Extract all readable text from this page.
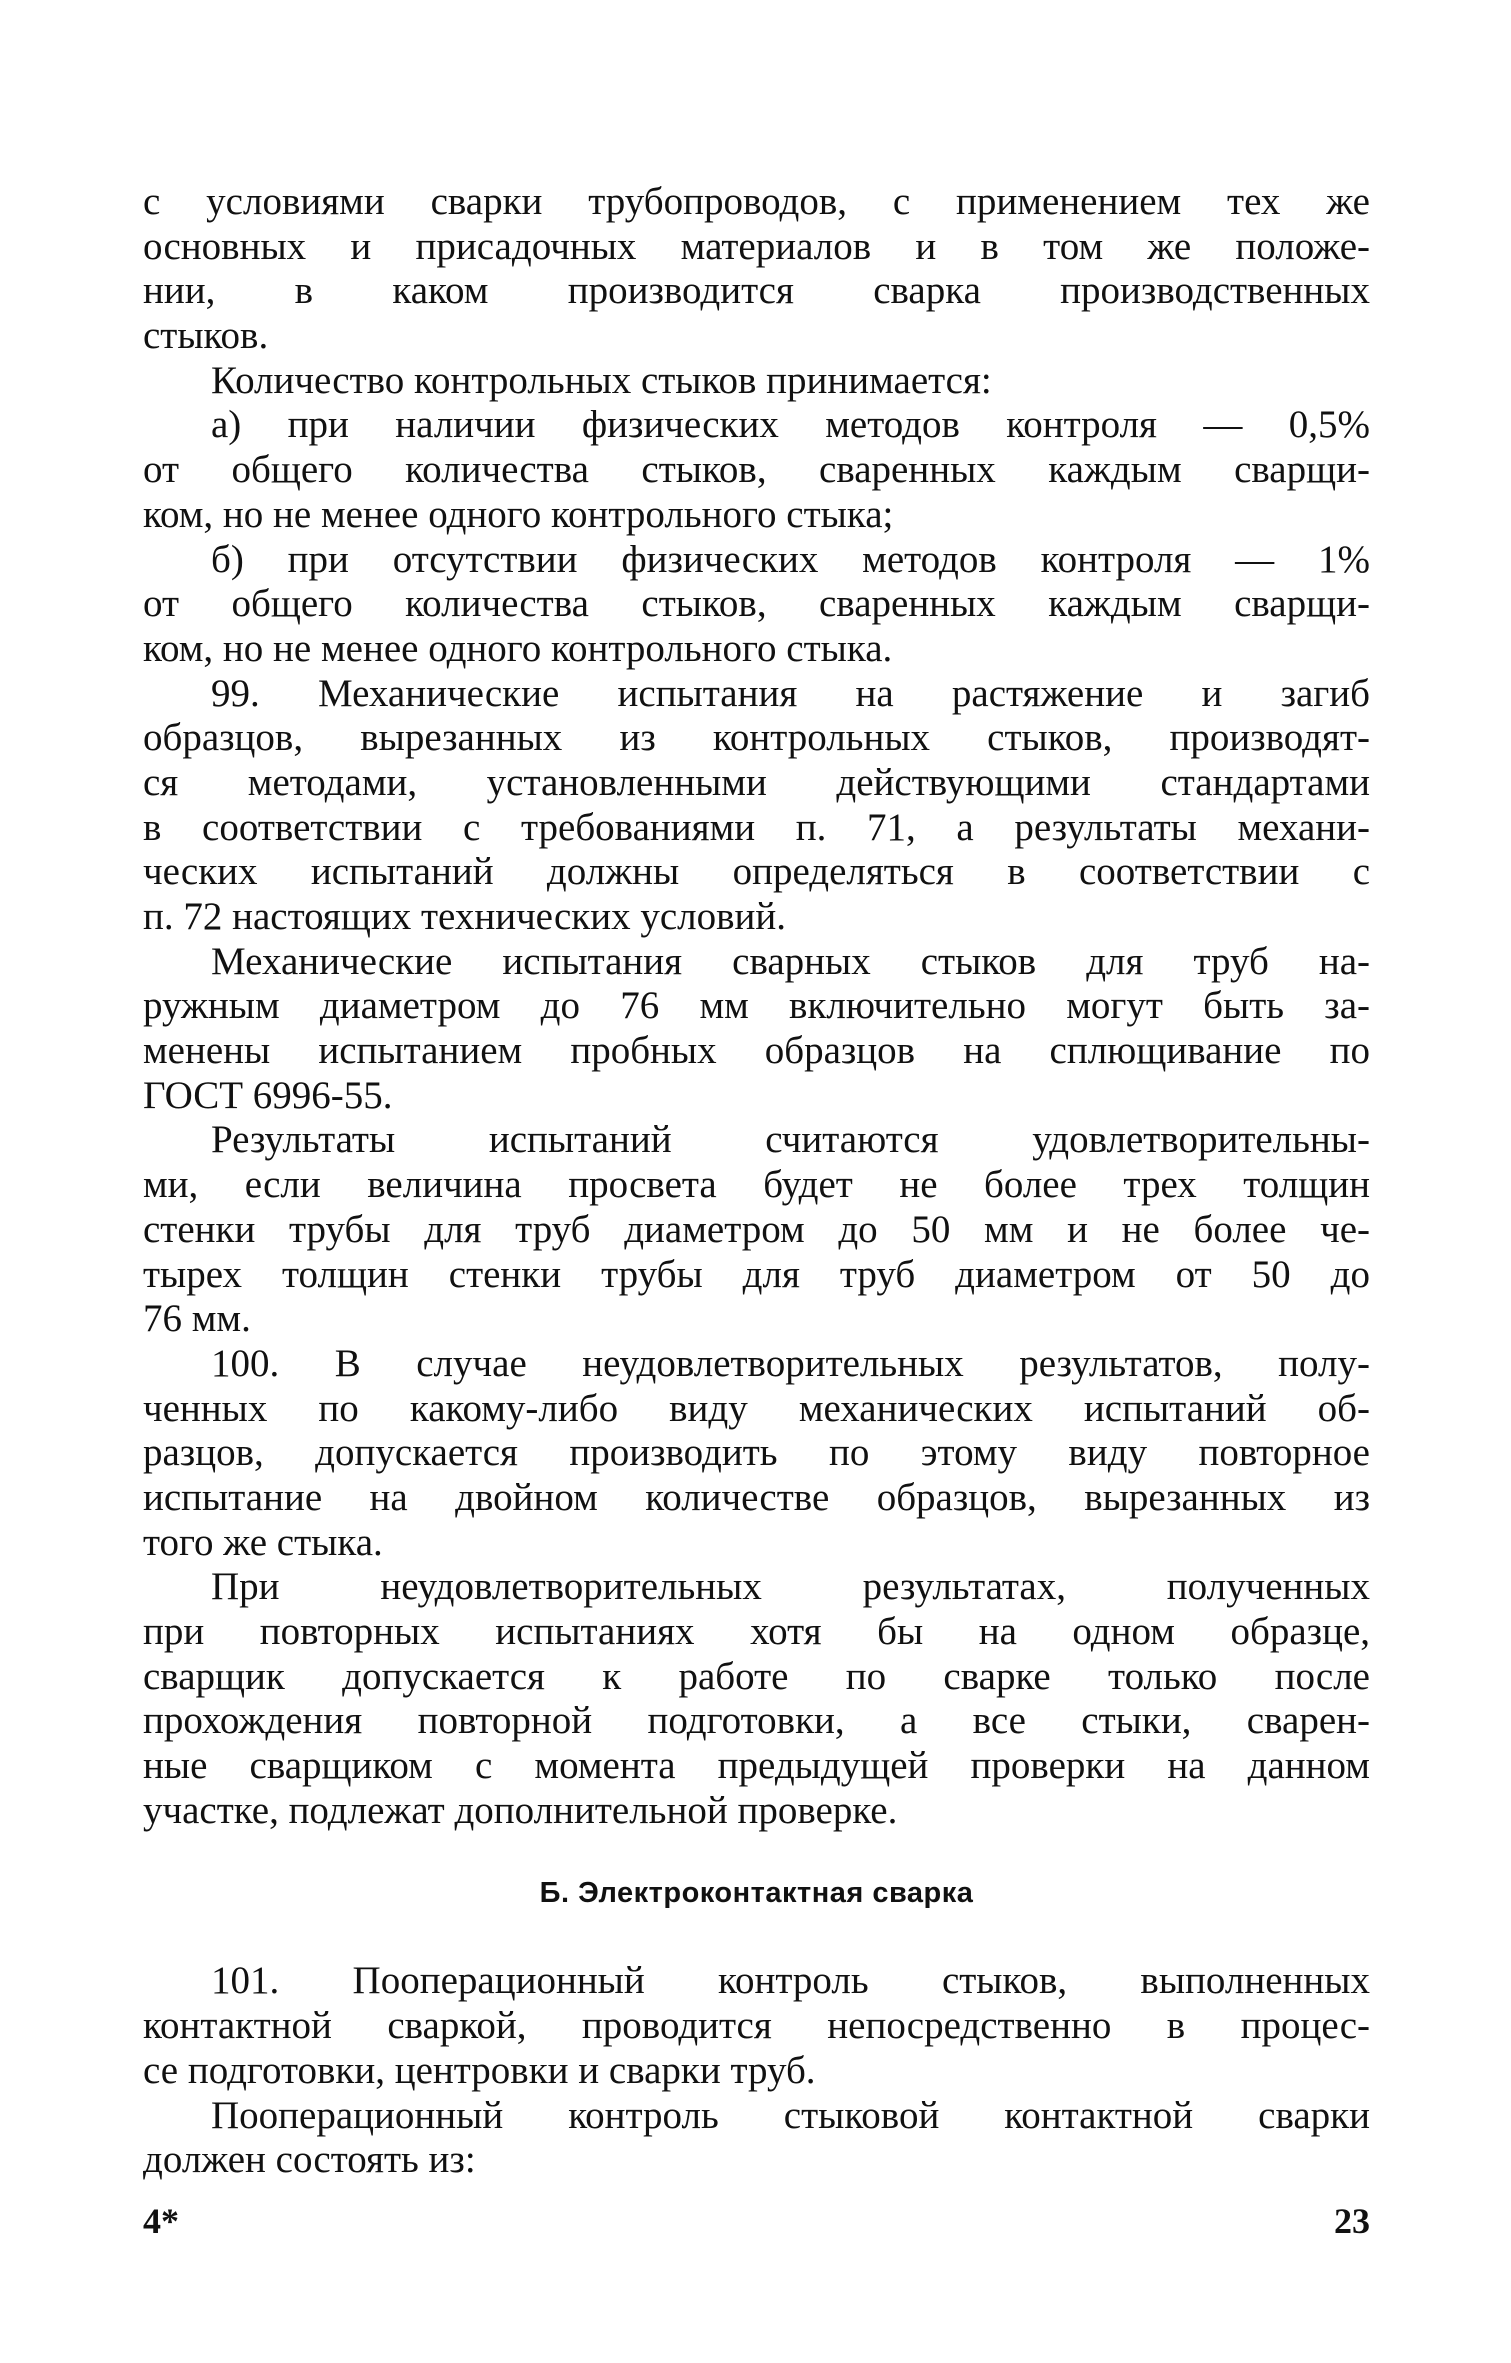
с условиями сварки трубопроводов, с применением тех же
основных и присадочных материалов и в том же положе-
нии, в каком производится сварка производственных
стыков.
Количество контрольных стыков принимается:
а) при наличии физических методов контроля — 0,5%
от общего количества стыков, сваренных каждым сварщи-
ком, но не менее одного контрольного стыка;
б) при отсутствии физических методов контроля — 1%
от общего количества стыков, сваренных каждым сварщи-
ком, но не менее одного контрольного стыка.
99. Механические испытания на растяжение и загиб
образцов, вырезанных из контрольных стыков, производят-
ся методами, установленными действующими стандартами
в соответствии с требованиями п. 71, а результаты механи-
ческих испытаний должны определяться в соответствии с
п. 72 настоящих технических условий.
Механические испытания сварных стыков для труб на-
ружным диаметром до 76 мм включительно могут быть за-
менены испытанием пробных образцов на сплющивание по
ГОСТ 6996-55.
Результаты испытаний считаются удовлетворительны-
ми, если величина просвета будет не более трех толщин
стенки трубы для труб диаметром до 50 мм и не более че-
тырех толщин стенки трубы для труб диаметром от 50 до
76 мм.
100. В случае неудовлетворительных результатов, полу-
ченных по какому-либо виду механических испытаний об-
разцов, допускается производить по этому виду повторное
испытание на двойном количестве образцов, вырезанных из
того же стыка.
При неудовлетворительных результатах, полученных
при повторных испытаниях хотя бы на одном образце,
сварщик допускается к работе по сварке только после
прохождения повторной подготовки, а все стыки, сварен-
ные сварщиком с момента предыдущей проверки на данном
участке, подлежат дополнительной проверке.
Б. Электроконтактная сварка
101. Пооперационный контроль стыков, выполненных
контактной сваркой, проводится непосредственно в процес-
се подготовки, центровки и сварки труб.
Пооперационный контроль стыковой контактной сварки
должен состоять из:
4*	23
